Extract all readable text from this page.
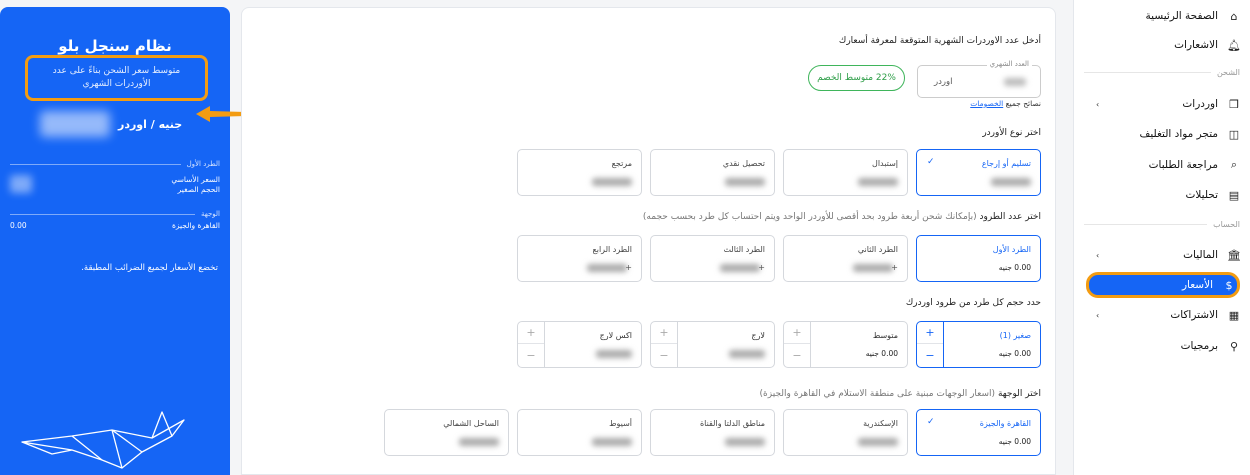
نظام سنجل بلو
متوسط سعر الشحن بناءً على عدد الأوردرات الشهري
جنيه / اوردر
الطرد الأول
السعر الأساسي
الحجم الصغير
الوجهة
القاهرة والجيزة
0.00
تخضع الأسعار لجميع الضرائب المطبقة.
أدخل عدد الاوردرات الشهرية المتوقعة لمعرفة أسعارك
العدد الشهري
اوردر
22% متوسط الخصم
نصائح جميع الخصومات
اختر نوع الأوردر
تسليم أو إرجاع
✓
إستبدال
تحصيل نقدي
مرتجع
اختر عدد الطرود (بإمكانك شحن أربعة طرود بحد أقصى للأوردر الواحد ويتم احتساب كل طرد بحسب حجمه)
الطرد الأول
0.00 جنيه
الطرد الثاني
+
الطرد الثالث
+
الطرد الرابع
+
حدد حجم كل طرد من طرود اوردرك
صغير (1)
0.00 جنيه
+
−
متوسط
0.00 جنيه
+
−
لارج
+
−
اكس لارج
+
−
اختر الوجهة (اسعار الوجهات مبنية على منطقة الاستلام في القاهرة والجيزة)
القاهرة والجيزة
✓
0.00 جنيه
الإسكندرية
مناطق الدلتا والقناة
أسيوط
الساحل الشمالي
⌂
الصفحة الرئيسية
🔔︎
الاشعارات
الشحن
❒
اوردرات
›
◫
متجر مواد التغليف
⌕
مراجعة الطلبات
▤
تحليلات
الحساب
🏛︎
الماليات
›
$
الأسعار
▦
الاشتراكات
›
⚲
برمجيات
